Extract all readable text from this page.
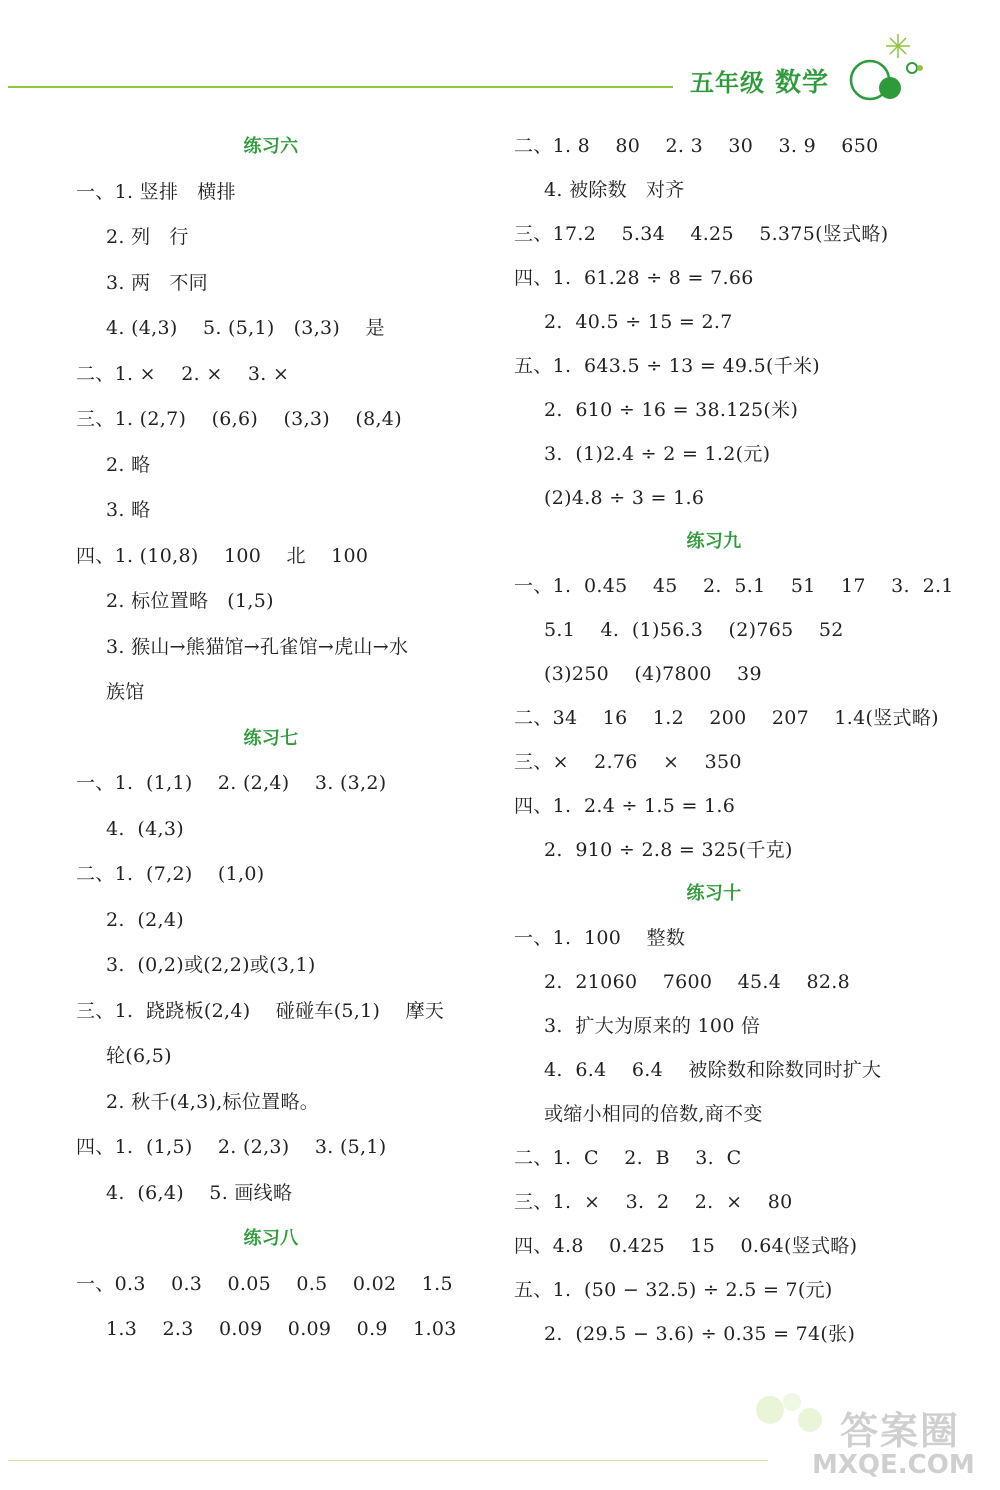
五年级 数学
练习六
一、1. 竖排   横排
2. 列   行
3. 两   不同
4. (4,3)    5. (5,1)   (3,3)    是
二、1. ×    2. ×    3. ×
三、1. (2,7)    (6,6)    (3,3)    (8,4)
2. 略
3. 略
四、1. (10,8)    100    北    100
2. 标位置略   (1,5)
3. 猴山→熊猫馆→孔雀馆→虎山→水
族馆
练习七
一、1.  (1,1)    2. (2,4)    3. (3,2)
4.  (4,3)
二、1.  (7,2)    (1,0)
2.  (2,4)
3.  (0,2)或(2,2)或(3,1)
三、1.  跷跷板(2,4)    碰碰车(5,1)    摩天
轮(6,5)
2. 秋千(4,3),标位置略。
四、1.  (1,5)    2. (2,3)    3. (5,1)
4.  (6,4)    5. 画线略
练习八
一、0.3    0.3    0.05    0.5    0.02    1.5
1.3    2.3    0.09    0.09    0.9    1.03
二、1. 8    80    2. 3    30    3. 9    650
4. 被除数   对齐
三、17.2    5.34    4.25    5.375(竖式略)
四、1.  61.28 ÷ 8 = 7.66
2.  40.5 ÷ 15 = 2.7
五、1.  643.5 ÷ 13 = 49.5(千米)
2.  610 ÷ 16 = 38.125(米)
3.  (1)2.4 ÷ 2 = 1.2(元)
(2)4.8 ÷ 3 = 1.6
练习九
一、1.  0.45    45    2.  5.1    51    17    3.  2.1
5.1    4.  (1)56.3    (2)765    52
(3)250    (4)7800    39
二、34    16    1.2    200    207    1.4(竖式略)
三、×    2.76    ×    350
四、1.  2.4 ÷ 1.5 = 1.6
2.  910 ÷ 2.8 = 325(千克)
练习十
一、1.  100    整数
2.  21060    7600    45.4    82.8
3.  扩大为原来的 100 倍
4.  6.4    6.4    被除数和除数同时扩大
或缩小相同的倍数,商不变
二、1.  C    2.  B    3.  C
三、1.  ×    3.  2    2.  ×    80
四、4.8    0.425    15    0.64(竖式略)
五、1.  (50 − 32.5) ÷ 2.5 = 7(元)
2.  (29.5 − 3.6) ÷ 0.35 = 74(张)
答案圈
MXQE.COM
